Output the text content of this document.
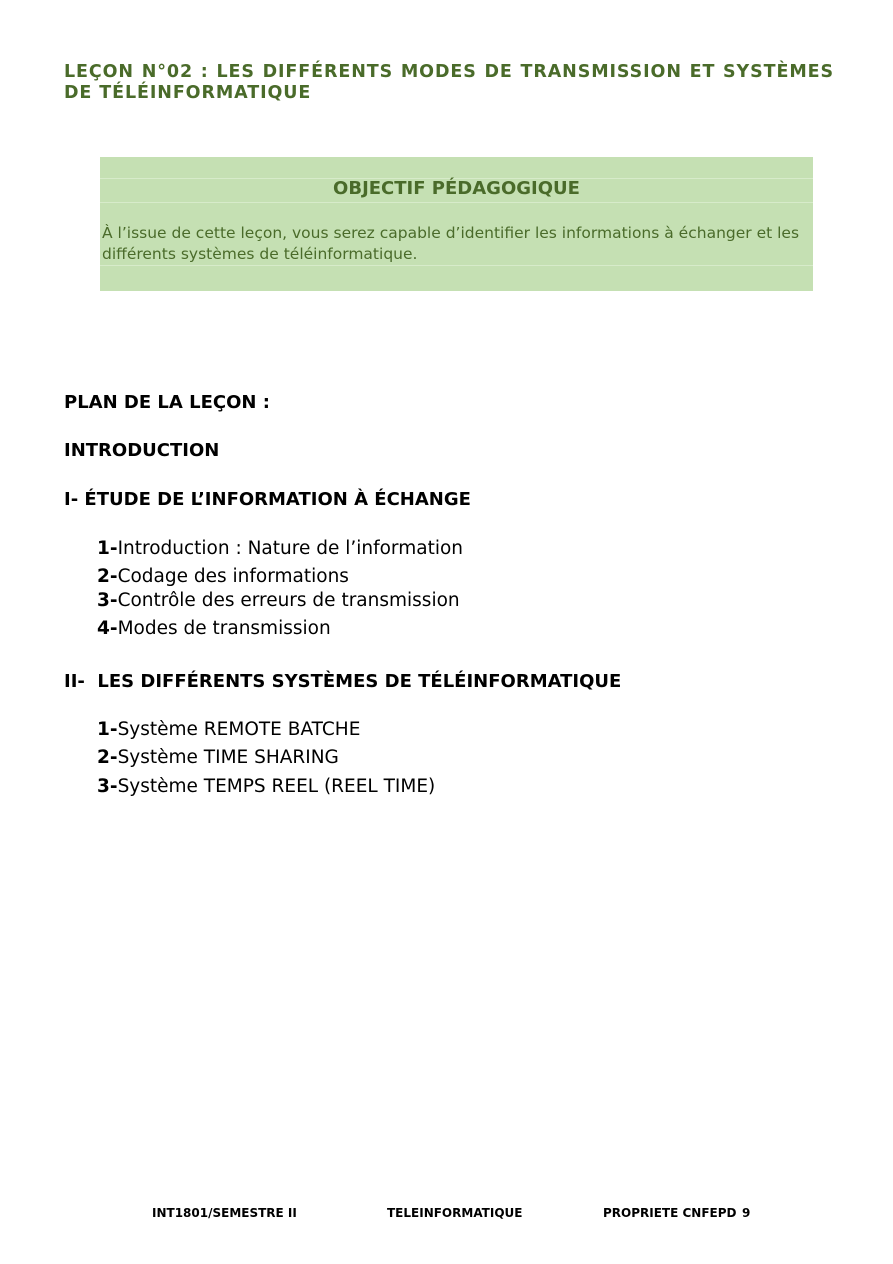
LEÇON N°02 : LES DIFFÉRENTS MODES DE TRANSMISSION ET SYSTÈMES DE TÉLÉINFORMATIQUE
OBJECTIF PÉDAGOGIQUE

À l’issue de cette leçon, vous serez capable d’identifier les informations à échanger et les différents systèmes de téléinformatique.

PLAN DE LA LEÇON :

INTRODUCTION

I- ÉTUDE DE L’INFORMATION À ÉCHANGE

1-Introduction : Nature de l’information

2-Codage des informations

3-Contrôle des erreurs de transmission

4-Modes de transmission

II-  LES DIFFÉRENTS SYSTÈMES DE TÉLÉINFORMATIQUE

1-Système REMOTE BATCHE

2-Système TIME SHARING

3-Système TEMPS REEL (REEL TIME)

INT1801/SEMESTRE II	TELEINFORMATIQUE	PROPRIETE CNFEPD 9
